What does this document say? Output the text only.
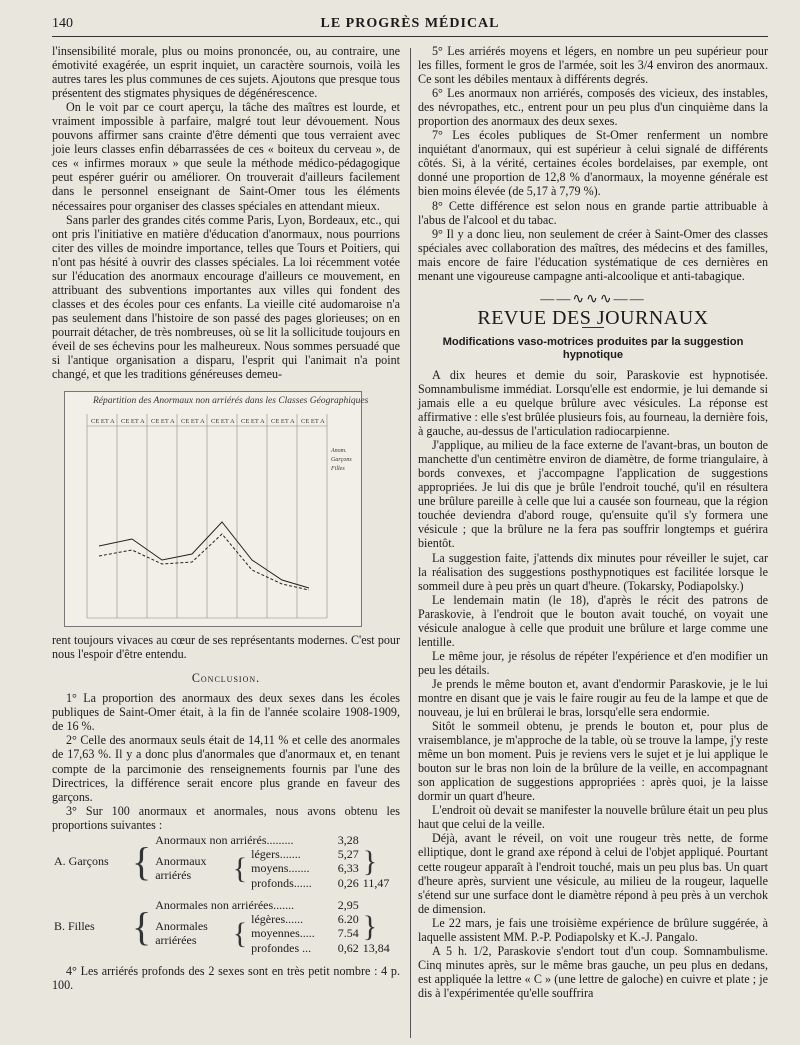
140	LE PROGRÈS MÉDICAL

l'insensibilité morale, plus ou moins prononcée, ou, au contraire, une émotivité exagérée, un esprit inquiet, un caractère sournois, voilà les autres tares les plus communes de ces sujets. Ajoutons que presque tous présentent des stigmates physiques de dégénérescence.

On le voit par ce court aperçu, la tâche des maîtres est lourde, et vraiment impossible à parfaire, malgré tout leur dévouement. Nous pouvons affirmer sans crainte d'être démenti que tous verraient avec joie leurs classes enfin débarrassées de ces « boiteux du cerveau », de ces « infirmes moraux » que seule la méthode médico-pédagogique peut espérer guérir ou améliorer. On trouverait d'ailleurs facilement dans le personnel enseignant de Saint-Omer tous les éléments nécessaires pour organiser des classes spéciales en attendant mieux.

Sans parler des grandes cités comme Paris, Lyon, Bordeaux, etc., qui ont pris l'initiative en matière d'éducation d'anormaux, nous pourrions citer des villes de moindre importance, telles que Tours et Poitiers, qui n'ont pas hésité à ouvrir des classes spéciales. La loi récemment votée sur l'éducation des anormaux encourage d'ailleurs ce mouvement, en attribuant des subventions importantes aux villes qui fondent des classes et des écoles pour ces enfants. La vieille cité audomaroise n'a pas seulement dans l'histoire de son passé des pages glorieuses; on en pourrait détacher, de très nombreuses, où se lit la sollicitude toujours en éveil de ses échevins pour les malheureux. Nous sommes persuadé que si l'antique organisation a disparu, l'esprit qui l'animait n'a point changé, et que les traditions généreuses demeu-

Répartition des Anormaux non arriérés dans les Classes Géographiques
CE ET A CE ET A CE ET A CE ET A CE ET A CE ET A CE ET A CE ET A
Anom.
Garçons
Filles

rent toujours vivaces au cœur de ses représentants modernes. C'est pour nous l'espoir d'être entendu.

Conclusion.

1° La proportion des anormaux des deux sexes dans les écoles publiques de Saint-Omer était, à la fin de l'année scolaire 1908-1909, de 16 %.

2° Celle des anormaux seuls était de 14,11 % et celle des anormales de 17,63 %. Il y a donc plus d'anormales que d'anormaux et, en tenant compte de la parcimonie des renseignements fournis par l'une des Directrices, la différence serait encore plus grande en faveur des garçons.

3° Sur 100 anormaux et anormales, nous avons obtenu les proportions suivantes :

A. Garçons	{	Anormaux non arriérés.........			3,28	
		Anormaux arriérés	{	légers.......	5,27	} 11,47
				moyens.......	6,33	
				profonds......	0,26	

B. Filles	{	Anormales non arriérées.......			2,95	
		Anormales arriérées	{	légères......	6.20	} 13,84
				moyennes.....	7.54	
				profondes ...	0,62	

4° Les arriérés profonds des 2 sexes sont en très petit nombre : 4 p. 100.

5° Les arriérés moyens et légers, en nombre un peu supérieur pour les filles, forment le gros de l'armée, soit les 3/4 environ des anormaux. Ce sont les débiles mentaux à différents degrés.

6° Les anormaux non arriérés, composés des vicieux, des instables, des névropathes, etc., entrent pour un peu plus d'un cinquième dans la proportion des anormaux des deux sexes.

7° Les écoles publiques de St-Omer renferment un nombre inquiétant d'anormaux, qui est supérieur à celui signalé de différents côtés. Si, à la vérité, certaines écoles bordelaises, par exemple, ont donné une proportion de 12,8 % d'anormaux, la moyenne générale est bien moins élevée (de 5,17 à 7,79 %).

8° Cette différence est selon nous en grande partie attribuable à l'abus de l'alcool et du tabac.

9° Il y a donc lieu, non seulement de créer à Saint-Omer des classes spéciales avec collaboration des maîtres, des médecins et des familles, mais encore de faire l'éducation systématique de ces dernières en menant une vigoureuse campagne anti-alcoolique et anti-tabagique.

——∿∿∿——
REVUE DES JOURNAUX
Modifications vaso-motrices produites par la suggestion hypnotique

A dix heures et demie du soir, Paraskovie est hypnotisée. Somnambulisme immédiat. Lorsqu'elle est endormie, je lui demande si jamais elle a eu quelque brûlure avec vésicules. La réponse est affirmative : elle s'est brûlée plusieurs fois, au fourneau, la dernière fois, à gauche, au-dessus de l'articulation radiocarpienne.

J'applique, au milieu de la face externe de l'avant-bras, un bouton de manchette d'un centimètre environ de diamètre, de forme triangulaire, à bords convexes, et j'accompagne l'application de suggestions appropriées. Je lui dis que je brûle l'endroit touché, qu'il en résultera une brûlure pareille à celle que lui a causée son fourneau, que la région touchée deviendra d'abord rouge, qu'ensuite qu'il s'y formera une vésicule ; que la brûlure ne la fera pas souffrir longtemps et guérira bientôt.

La suggestion faite, j'attends dix minutes pour réveiller le sujet, car la réalisation des suggestions posthypnotiques est facilitée lorsque le sommeil dure à peu près un quart d'heure. (Tokarsky, Podiapolsky.)

Le lendemain matin (le 18), d'après le récit des patrons de Paraskovie, à l'endroit que le bouton avait touché, on voyait une vésicule analogue à celle que produit une brûlure et large comme une lentille.

Le même jour, je résolus de répéter l'expérience et d'en modifier un peu les détails.

Je prends le même bouton et, avant d'endormir Paraskovie, je le lui montre en disant que je vais le faire rougir au feu de la lampe et que de nouveau, je lui en brûlerai le bras, lorsqu'elle sera endormie.

Sitôt le sommeil obtenu, je prends le bouton et, pour plus de vraisemblance, je m'approche de la table, où se trouve la lampe, j'y reste même un bon moment. Puis je reviens vers le sujet et je lui applique le bouton sur le bras non loin de la brûlure de la veille, en accompagnant son application de suggestions appropriées : après quoi, je la laisse dormir un quart d'heure.

L'endroit où devait se manifester la nouvelle brûlure était un peu plus haut que celui de la veille.

Déjà, avant le réveil, on voit une rougeur très nette, de forme elliptique, dont le grand axe répond à celui de l'objet appliqué. Pourtant cette rougeur apparaît à l'endroit touché, mais un peu plus bas. Un quart d'heure après, survient une vésicule, au milieu de la rougeur, laquelle s'étend sur une surface dont le diamètre répond à peu près à un verchok de dimension.

Le 22 mars, je fais une troisième expérience de brûlure suggérée, à laquelle assistent MM. P.-P. Podiapolsky et K.-J. Pangalo.

A 5 h. 1/2, Paraskovie s'endort tout d'un coup. Somnambulisme. Cinq minutes après, sur le même bras gauche, un peu plus en dedans, est appliquée la lettre « C » (une lettre de galoche) en cuivre et plate ; je dis à l'expérimentée qu'elle souffrira
